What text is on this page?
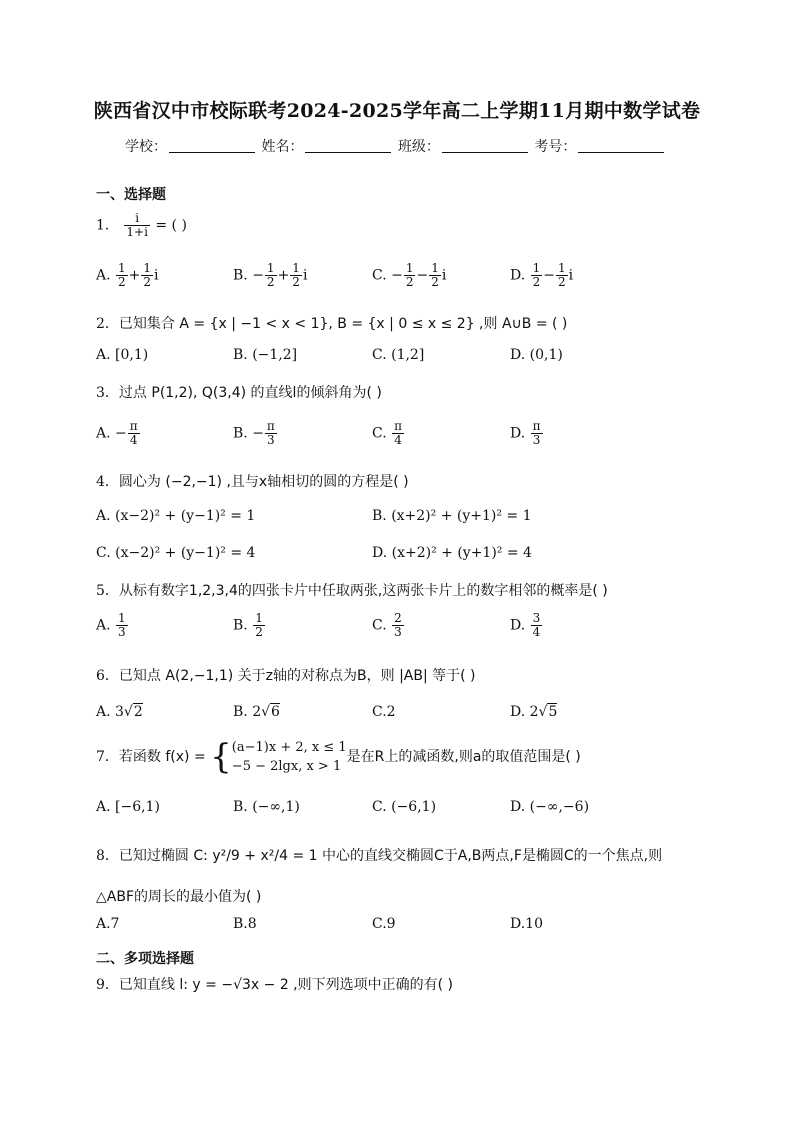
陕西省汉中市校际联考2024-2025学年高二上学期11月期中数学试卷
学校：	姓名：	班级：	考号：
一、选择题
1． $\frac{i}{1+i}$ = ( )
A. $\frac{1}{2} + \frac{1}{2}$ i	B. − $\frac{1}{2} + \frac{1}{2}$ i	C. − $\frac{1}{2} - \frac{1}{2}$ i	D. $\frac{1}{2} - \frac{1}{2}$ i
2．已知集合 A = {x | −1 < x < 1}, B = {x | 0 ≤ x ≤ 2} ,则 A∪B = ( )
A. [0,1)	B. (−1,2]	C. (1,2]	D. (0,1)
3．过点 P(1,2), Q(3,4) 的直线l的倾斜角为( )
A. − $\frac{\pi}{4}$	B. − $\frac{\pi}{3}$	C. $\frac{\pi}{4}$	D. $\frac{\pi}{3}$
4．圆心为 (−2,−1) ,且与x轴相切的圆的方程是( )
A. (x−2)² + (y−1)² = 1	B. (x+2)² + (y+1)² = 1
C. (x−2)² + (y−1)² = 4	D. (x+2)² + (y+1)² = 4
5．从标有数字1,2,3,4的四张卡片中任取两张,这两张卡片上的数字相邻的概率是( )
A. $\frac{1}{3}$	B. $\frac{1}{2}$	C. $\frac{2}{3}$	D. $\frac{3}{4}$
6．已知点 A(2,−1,1) 关于z轴的对称点为B，则 |AB| 等于( )
A. 3√2	B. 2√6	C.2	D. 2√5
7．若函数 f(x) = { (a−1)x + 2, x ≤ 1
−5 − 2lgx, x > 1
是在R上的减函数,则a的取值范围是( )
A. [−6,1)	B. (−∞,1)	C. (−6,1)	D. (−∞,−6)
8．已知过椭圆 C: y²/9 + x²/4 = 1 中心的直线交椭圆C于A,B两点,F是椭圆C的一个焦点,则
△ABF的周长的最小值为( )
A.7	B.8	C.9	D.10
二、多项选择题
9．已知直线 l: y = −√3x − 2 ,则下列选项中正确的有( )
